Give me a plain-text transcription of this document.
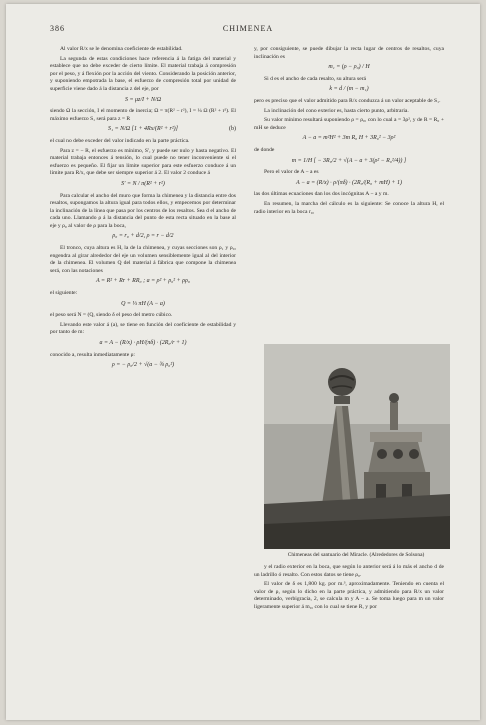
386	CHIMENEA

Al valor R/x se le denomina coeficiente de estabilidad.

La segunda de estas condiciones hace referencia á la fatiga del material y establece que no debe exceder de cierto límite. El material trabaja á compresión por el peso, y á flexión por la acción del viento. Considerando la posición anterior, y suponiendo empotrada la base, el esfuerzo de compresión total por unidad de superficie viene dado á la distancia z del eje, por

S = μz/I + N/Ω

siendo Ω la sección, I el momento de inercia; Ω = π(R² − r²), I = ¼ Ω (R² + r²). El máximo esfuerzo S₁ será para z = R

S₁ = N/Ω [1 + 4Rx/(R² + r²)]	(b)

el cual no debe exceder del valor indicado en la parte práctica.

Para z = − R, el esfuerzo es mínimo, S′, y puede ser nulo y hasta negativo. El material trabaja entonces á tensión, lo cual puede no tener inconveniente si el esfuerzo es pequeño. El fijar un límite superior para este esfuerzo conduce á un límite para R/x, que debe ser siempre superior á 2. El valor 2 conduce á

S′ = N / π(R² + r²)

Para calcular el ancho del muro que forma la chimenea y la distancia entre dos resaltos, supongamos la altura igual para todos ellos, y empecemos por determinar la inclinación de la línea que pasa por los centros de los resaltos. Sea d el ancho de cada uno. Llamando ρ á la distancia del punto de esta recta situado en la base al eje y ρ₀ al valor de ρ para la boca,

ρ₀ = r₀ + d/2, ρ = r − d/2

El tronco, cuya altura es H, la de la chimenea, y cuyas secciones son ρ₁ y ρ₀, engendra al girar alrededor del eje un volumen sensiblemente igual al del interior de la chimenea. El volumen Q del material á fábrica que compone la chimenea será, con las notaciones

A = R² + Rr + RR₀ ; a = ρ² + ρ₀² + ρρ₀

el siguiente:

Q = ⅓ πH (A − a)

el peso será N = (Q, siendo δ el peso del metro cúbico.

Llevando este valor á (a), se tiene en función del coeficiente de estabilidad y por tanto de m:

a = A − (R/x) · ρH/(πδ) · (2R₀/r + 1)

conocido a, resulta inmediatamente ρ:

ρ = − ρ₀/2 + √(a − ¾ ρ₀²)

y, por consiguiente, se puede dibujar la recta lugar de centros de resaltos, cuya inclinación es

m₁ = (ρ − ρ₀) / H

Si d es el ancho de cada resalto, su altura será

k = d / (m − m₁)

pero es preciso que el valor admitido para R/x conduzca á un valor aceptable de S₁.

La inclinación del cono exterior es, hasta cierto punto, arbitraria.

Su valor mínimo resultará suponiendo ρ = ρ₀, con lo cual a = 3ρ², y de R = R₀ + mH se deduce

A − a = m²H² + 3m R₀ H + 3R₀² − 3ρ²

de donde

m = 1/H [ − 3R₀/2 + √(A − a + 3(ρ² − R₀²/4)) ]

Pero el valor de A − a es

A − a = (R/x) · ρ/(πδ) · (2R₀/(R₀ + mH) + 1)

las dos últimas ecuaciones dan los dos incógnitas A − a y m.

En resumen, la marcha del cálculo es la siguiente: Se conoce la altura H, el radio interior en la boca r₀,

Chimeneas del santuario del Miracle. (Alrededores de Solsona)

y el radio exterior en la boca, que según lo anterior será á lo más el ancho d de un ladrillo ó resalto. Con estos datos se tiene ρ₀.

El valor de δ es 1,800 kg. por m.³, aproximadamente. Teniendo en cuenta el valor de ρ, según lo dicho en la parte práctica, y admitiendo para R/x un valor determinado, verbigracia, 2, se calcula m y A − a. Se toma luego para m un valor ligeramente superior á m₀, con lo cual se tiene R, y por
